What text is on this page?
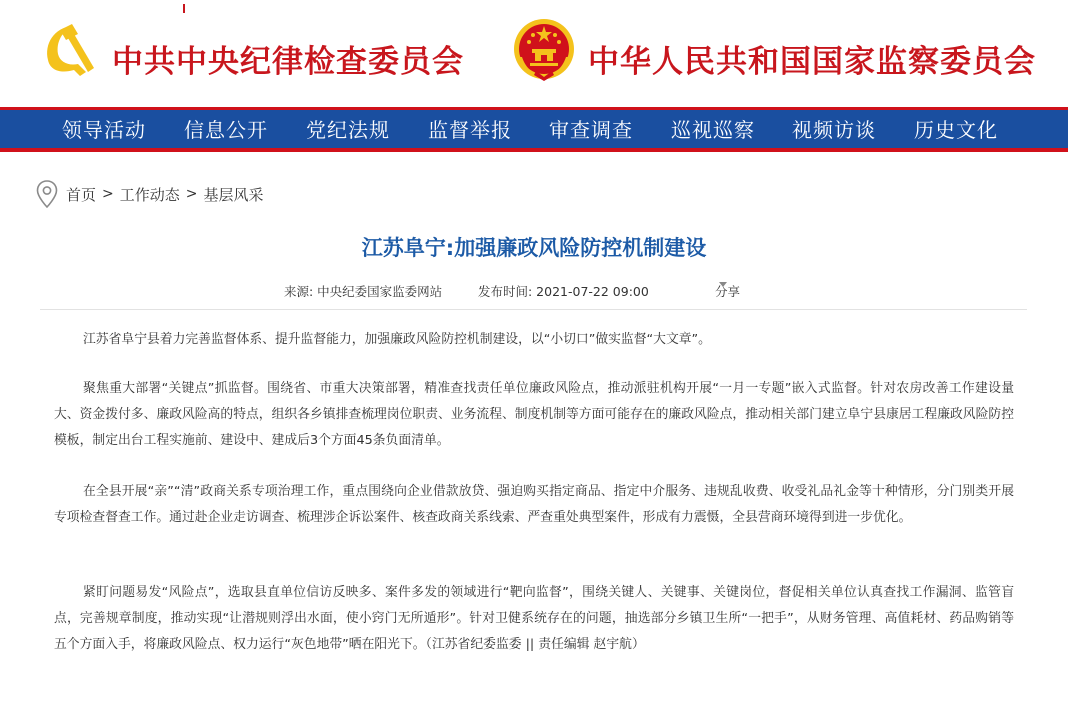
中共中央纪律检查委员会	中华人民共和国国家监察委员会
领导活动 信息公开 党纪法规 监督举报 审查调查 巡视巡察 视频访谈 历史文化
首页 > 工作动态 > 基层风采
江苏阜宁:加强廉政风险防控机制建设
来源: 中央纪委国家监委网站	发布时间: 2021-07-22 09:00	分享

江苏省阜宁县着力完善监督体系、提升监督能力，加强廉政风险防控机制建设，以“小切口”做实监督“大文章”。

聚焦重大部署“关键点”抓监督。围绕省、市重大决策部署，精准查找责任单位廉政风险点，推动派驻机构开展“一月一专题”嵌入式监督。针对农房改善工作建设量大、资金拨付多、廉政风险高的特点，组织各乡镇排查梳理岗位职责、业务流程、制度机制等方面可能存在的廉政风险点，推动相关部门建立阜宁县康居工程廉政风险防控模板，制定出台工程实施前、建设中、建成后3个方面45条负面清单。

在全县开展“亲”“清”政商关系专项治理工作，重点围绕向企业借款放贷、强迫购买指定商品、指定中介服务、违规乱收费、收受礼品礼金等十种情形，分门别类开展专项检查督查工作。通过赴企业走访调查、梳理涉企诉讼案件、核查政商关系线索、严查重处典型案件，形成有力震慑，全县营商环境得到进一步优化。

紧盯问题易发“风险点”，选取县直单位信访反映多、案件多发的领域进行“靶向监督”，围绕关键人、关键事、关键岗位，督促相关单位认真查找工作漏洞、监管盲点，完善规章制度，推动实现“让潜规则浮出水面，使小窍门无所遁形”。针对卫健系统存在的问题，抽选部分乡镇卫生所“一把手”，从财务管理、高值耗材、药品购销等五个方面入手，将廉政风险点、权力运行“灰色地带”晒在阳光下。（江苏省纪委监委 || 责任编辑 赵宇航）
